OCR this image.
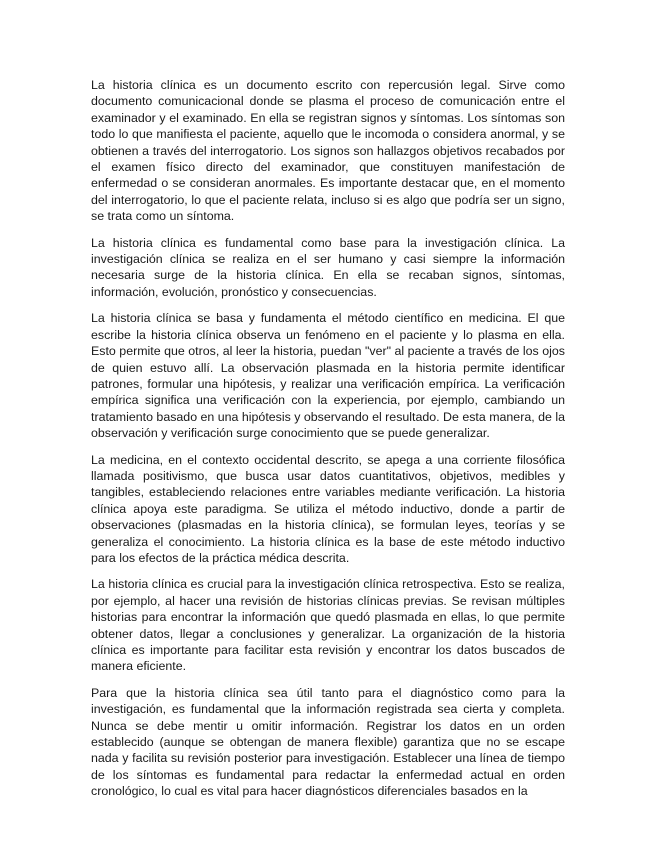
La historia clínica es un documento escrito con repercusión legal. Sirve como documento comunicacional donde se plasma el proceso de comunicación entre el examinador y el examinado. En ella se registran signos y síntomas. Los síntomas son todo lo que manifiesta el paciente, aquello que le incomoda o considera anormal, y se obtienen a través del interrogatorio. Los signos son hallazgos objetivos recabados por el examen físico directo del examinador, que constituyen manifestación de enfermedad o se consideran anormales. Es importante destacar que, en el momento del interrogatorio, lo que el paciente relata, incluso si es algo que podría ser un signo, se trata como un síntoma.

La historia clínica es fundamental como base para la investigación clínica. La investigación clínica se realiza en el ser humano y casi siempre la información necesaria surge de la historia clínica. En ella se recaban signos, síntomas, información, evolución, pronóstico y consecuencias.

La historia clínica se basa y fundamenta el método científico en medicina. El que escribe la historia clínica observa un fenómeno en el paciente y lo plasma en ella. Esto permite que otros, al leer la historia, puedan "ver" al paciente a través de los ojos de quien estuvo allí. La observación plasmada en la historia permite identificar patrones, formular una hipótesis, y realizar una verificación empírica. La verificación empírica significa una verificación con la experiencia, por ejemplo, cambiando un tratamiento basado en una hipótesis y observando el resultado. De esta manera, de la observación y verificación surge conocimiento que se puede generalizar.

La medicina, en el contexto occidental descrito, se apega a una corriente filosófica llamada positivismo, que busca usar datos cuantitativos, objetivos, medibles y tangibles, estableciendo relaciones entre variables mediante verificación. La historia clínica apoya este paradigma. Se utiliza el método inductivo, donde a partir de observaciones (plasmadas en la historia clínica), se formulan leyes, teorías y se generaliza el conocimiento. La historia clínica es la base de este método inductivo para los efectos de la práctica médica descrita.

La historia clínica es crucial para la investigación clínica retrospectiva. Esto se realiza, por ejemplo, al hacer una revisión de historias clínicas previas. Se revisan múltiples historias para encontrar la información que quedó plasmada en ellas, lo que permite obtener datos, llegar a conclusiones y generalizar. La organización de la historia clínica es importante para facilitar esta revisión y encontrar los datos buscados de manera eficiente.

Para que la historia clínica sea útil tanto para el diagnóstico como para la investigación, es fundamental que la información registrada sea cierta y completa. Nunca se debe mentir u omitir información. Registrar los datos en un orden establecido (aunque se obtengan de manera flexible) garantiza que no se escape nada y facilita su revisión posterior para investigación. Establecer una línea de tiempo de los síntomas es fundamental para redactar la enfermedad actual en orden cronológico, lo cual es vital para hacer diagnósticos diferenciales basados en la
